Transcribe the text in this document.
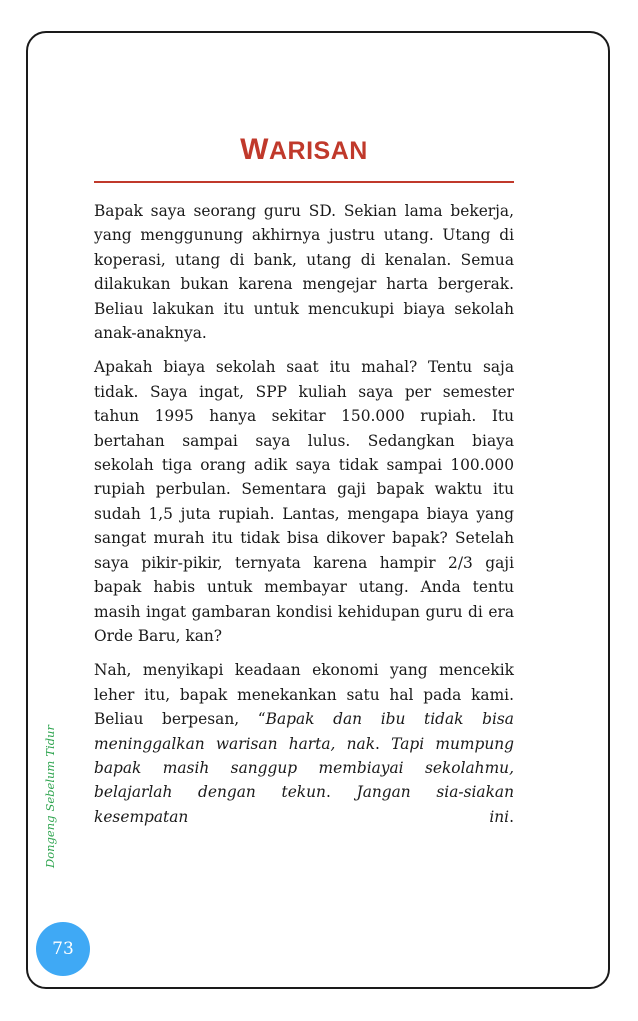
WARISAN

Bapak saya seorang guru SD. Sekian lama bekerja, yang menggunung akhirnya justru utang. Utang di koperasi, utang di bank, utang di kenalan. Semua dilakukan bukan karena mengejar harta bergerak. Beliau lakukan itu untuk mencukupi biaya sekolah anak-anaknya.

Apakah biaya sekolah saat itu mahal? Tentu saja tidak. Saya ingat, SPP kuliah saya per semester tahun 1995 hanya sekitar 150.000 rupiah. Itu bertahan sampai saya lulus. Sedangkan biaya sekolah tiga orang adik saya tidak sampai 100.000 rupiah perbulan. Sementara gaji bapak waktu itu sudah 1,5 juta rupiah. Lantas, mengapa biaya yang sangat murah itu tidak bisa dikover bapak? Setelah saya pikir-pikir, ternyata karena hampir 2/3 gaji bapak habis untuk membayar utang. Anda tentu masih ingat gambaran kondisi kehidupan guru di era Orde Baru, kan?

Nah, menyikapi keadaan ekonomi yang mencekik leher itu, bapak menekankan satu hal pada kami. Beliau berpesan, “Bapak dan ibu tidak bisa meninggalkan warisan harta, nak. Tapi mumpung bapak masih sanggup membiayai sekolahmu, belajarlah dengan tekun. Jangan sia-siakan kesempatan ini.

DongengSebelumTidur
73
